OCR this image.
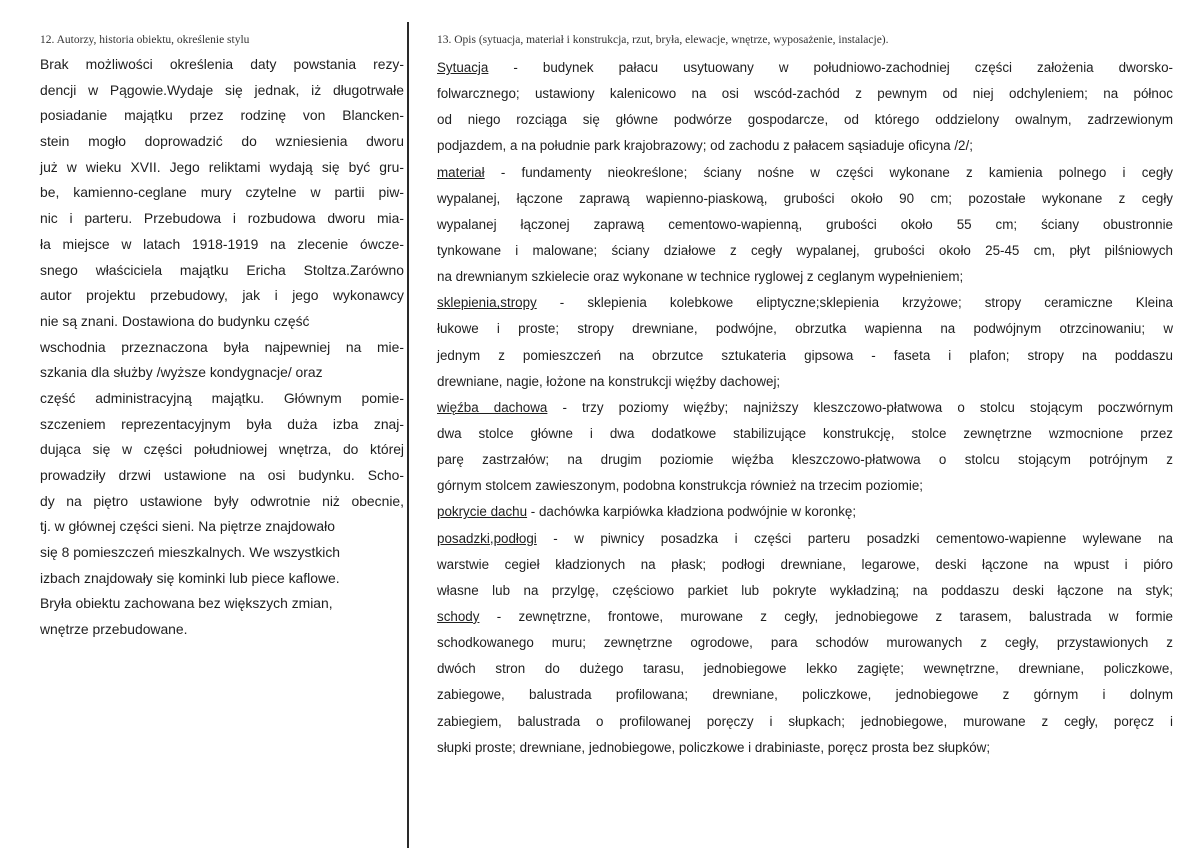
12. Autorzy, historia obiektu, określenie stylu
Brak możliwości określenia daty powstania rezy-
dencji w Pągowie.Wydaje się jednak, iż długotrwałe
posiadanie majątku przez rodzinę von Blancken-
stein mogło doprowadzić do wzniesienia dworu
już w wieku XVII. Jego reliktami wydają się być gru-
be, kamienno-ceglane mury czytelne w partii piw-
nic i parteru. Przebudowa i rozbudowa dworu mia-
ła miejsce w latach 1918-1919 na zlecenie ówcze-
snego właściciela majątku Ericha Stoltza.Zarówno
autor projektu przebudowy, jak i jego wykonawcy
nie są znani. Dostawiona do budynku część
wschodnia przeznaczona była najpewniej na mie-
szkania dla służby /wyższe kondygnacje/ oraz
część administracyjną majątku. Głównym pomie-
szczeniem reprezentacyjnym była duża izba znaj-
dująca się w części południowej wnętrza, do której
prowadziły drzwi ustawione na osi budynku. Scho-
dy na piętro ustawione były odwrotnie niż obecnie,
tj. w głównej części sieni. Na piętrze znajdowało
się 8 pomieszczeń mieszkalnych. We wszystkich
izbach znajdowały się kominki lub piece kaflowe.
Bryła obiektu zachowana bez większych zmian,
wnętrze przebudowane.
13. Opis (sytuacja, materiał i konstrukcja, rzut, bryła, elewacje, wnętrze, wyposażenie, instalacje).
Sytuacja - budynek pałacu usytuowany w południowo-zachodniej części założenia dworsko-
folwarcznego; ustawiony kalenicowo na osi wscód-zachód z pewnym od niej odchyleniem; na północ
od niego rozciąga się główne podwórze gospodarcze, od którego oddzielony owalnym, zadrzewionym
podjazdem, a na południe park krajobrazowy; od zachodu z pałacem sąsiaduje oficyna /2/;
materiał - fundamenty nieokreślone; ściany nośne w części wykonane z kamienia polnego i cegły
wypalanej, łączone zaprawą wapienno-piaskową, grubości około 90 cm; pozostałe wykonane z cegły
wypalanej łączonej zaprawą cementowo-wapienną, grubości około 55 cm; ściany obustronnie
tynkowane i malowane; ściany działowe z cegły wypalanej, grubości około 25-45 cm, płyt pilśniowych
na drewnianym szkielecie oraz wykonane w technice ryglowej z ceglanym wypełnieniem;
sklepienia,stropy - sklepienia kolebkowe eliptyczne;sklepienia krzyżowe; stropy ceramiczne Kleina
łukowe i proste; stropy drewniane, podwójne, obrzutka wapienna na podwójnym otrzcinowaniu; w
jednym z pomieszczeń na obrzutce sztukateria gipsowa - faseta i plafon; stropy na poddaszu
drewniane, nagie, łożone na konstrukcji więźby dachowej;
więźba dachowa - trzy poziomy więźby; najniższy kleszczowo-płatwowa o stolcu stojącym poczwórnym
dwa stolce główne i dwa dodatkowe stabilizujące konstrukcję, stolce zewnętrzne wzmocnione przez
parę zastrzałów; na drugim poziomie więźba kleszczowo-płatwowa o stolcu stojącym potrójnym z
górnym stolcem zawieszonym, podobna konstrukcja również na trzecim poziomie;
pokrycie dachu - dachówka karpiówka kładziona podwójnie w koronkę;
posadzki,podłogi - w piwnicy posadzka i części parteru posadzki cementowo-wapienne wylewane na
warstwie cegieł kładzionych na płask; podłogi drewniane, legarowe, deski łączone na wpust i pióro
własne lub na przylgę, częściowo parkiet lub pokryte wykładziną; na poddaszu deski łączone na styk;
schody - zewnętrzne, frontowe, murowane z cegły, jednobiegowe z tarasem, balustrada w formie
schodkowanego muru; zewnętrzne ogrodowe, para schodów murowanych z cegły, przystawionych z
dwóch stron do dużego tarasu, jednobiegowe lekko zagięte; wewnętrzne, drewniane, policzkowe,
zabiegowe, balustrada profilowana; drewniane, policzkowe, jednobiegowe z górnym i dolnym
zabiegiem, balustrada o profilowanej poręczy i słupkach; jednobiegowe, murowane z cegły, poręcz i
słupki proste; drewniane, jednobiegowe, policzkowe i drabiniaste, poręcz prosta bez słupków;
